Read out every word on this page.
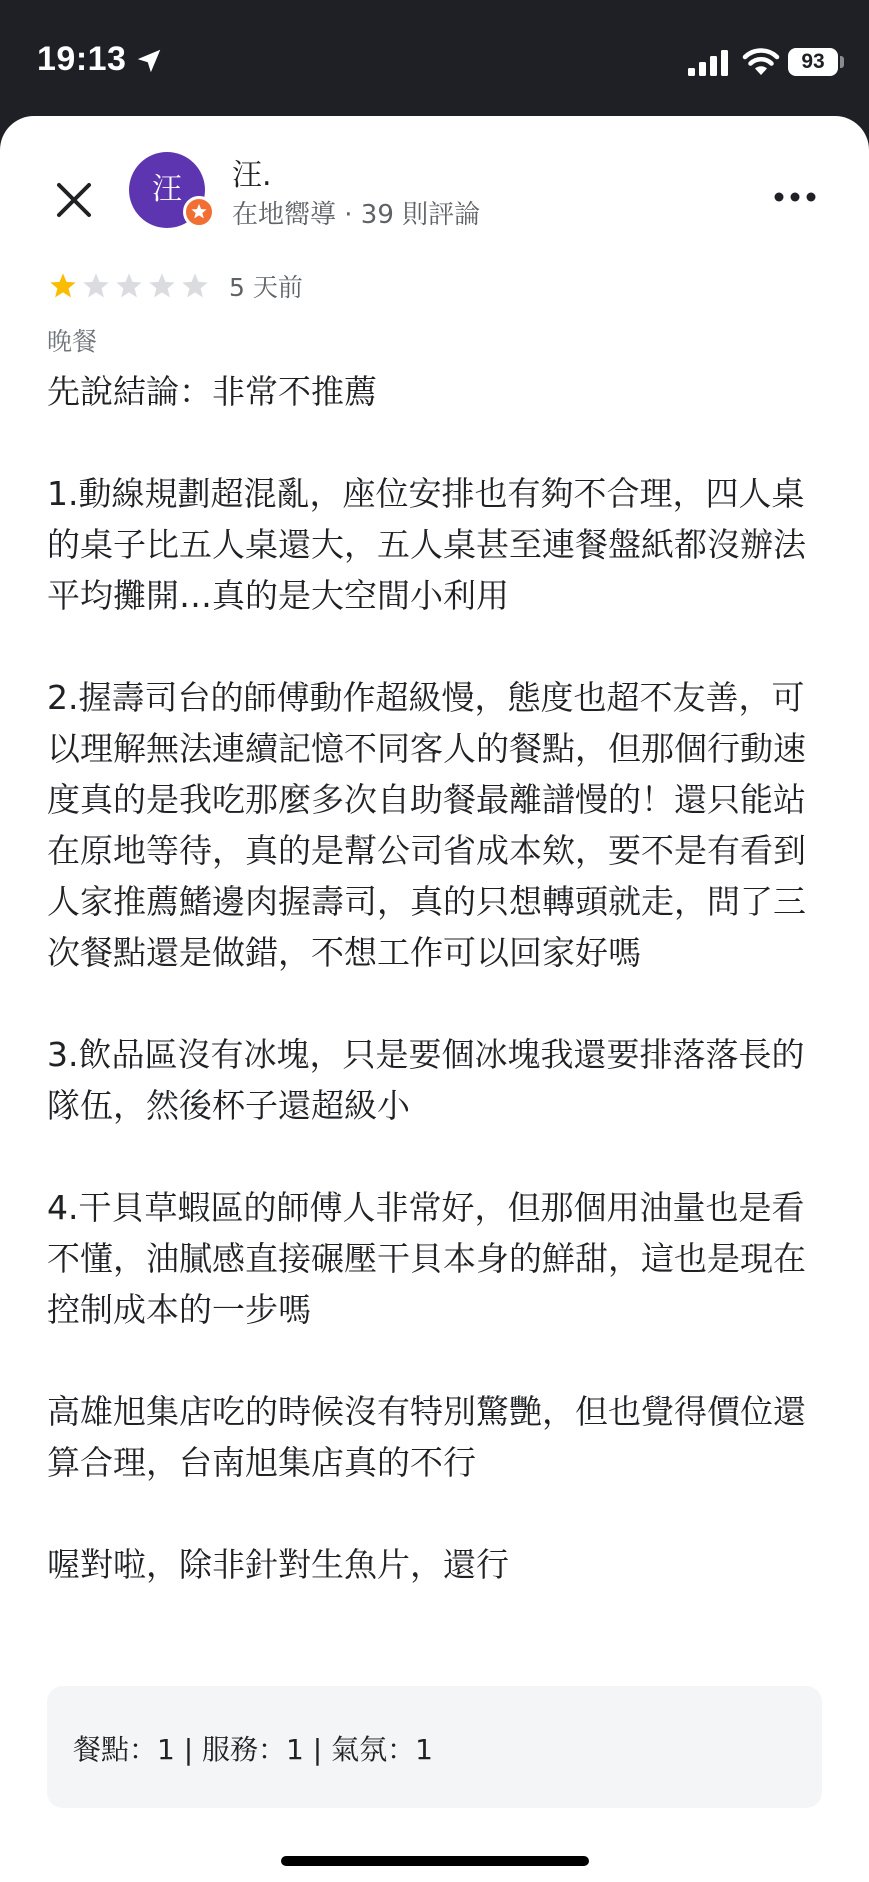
19:13	93
汪	汪.
在地嚮導 · 39 則評論
5 天前
晚餐

先說結論：非常不推薦

1.動線規劃超混亂，座位安排也有夠不合理，四人桌的桌子比五人桌還大，五人桌甚至連餐盤紙都沒辦法平均攤開…真的是大空間小利用

2.握壽司台的師傅動作超級慢，態度也超不友善，可以理解無法連續記憶不同客人的餐點，但那個行動速度真的是我吃那麼多次自助餐最離譜慢的！還只能站在原地等待，真的是幫公司省成本欸，要不是有看到人家推薦鰭邊肉握壽司，真的只想轉頭就走，問了三次餐點還是做錯，不想工作可以回家好嗎

3.飲品區沒有冰塊，只是要個冰塊我還要排落落長的隊伍，然後杯子還超級小

4.干貝草蝦區的師傅人非常好，但那個用油量也是看不懂，油膩感直接碾壓干貝本身的鮮甜，這也是現在控制成本的一步嗎

高雄旭集店吃的時候沒有特別驚艷，但也覺得價位還算合理，台南旭集店真的不行

喔對啦，除非針對生魚片，還行

餐點：1 | 服務：1 | 氣氛：1
